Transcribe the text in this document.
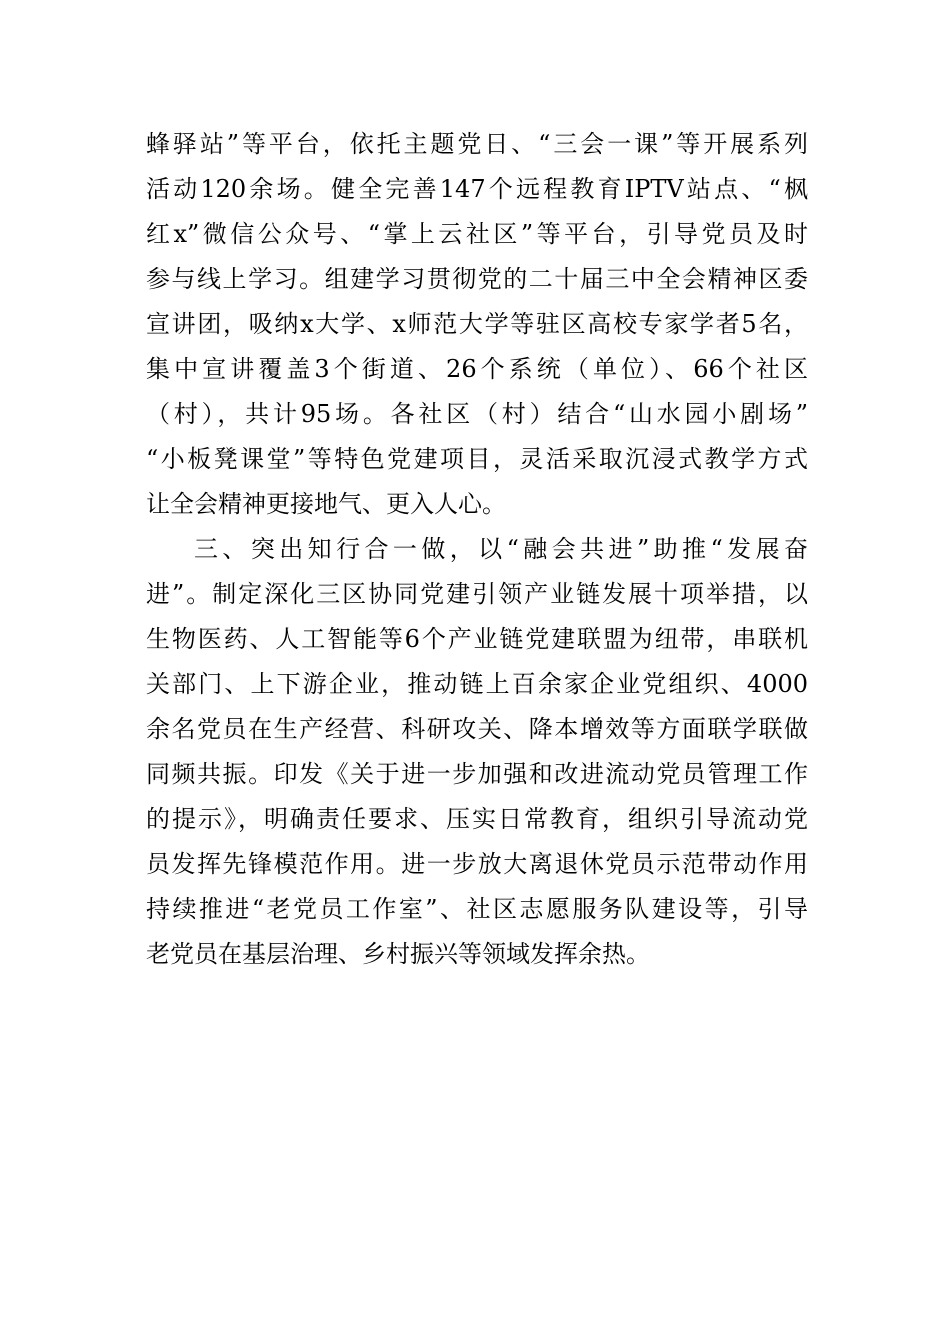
蜂驿站”等平台，依托主题党日、“三会一课”等开展系列
活动120余场。健全完善147个远程教育IPTV站点、“枫
红x”微信公众号、“掌上云社区”等平台，引导党员及时
参与线上学习。组建学习贯彻党的二十届三中全会精神区委
宣讲团，吸纳x大学、x师范大学等驻区高校专家学者5名，
集中宣讲覆盖3个街道、26个系统（单位）、66个社区
（村），共计95场。各社区（村）结合“山水园小剧场”
“小板凳课堂”等特色党建项目，灵活采取沉浸式教学方式
让全会精神更接地气、更入人心。
三、突出知行合一做，以“融会共进”助推“发展奋
进”。制定深化三区协同党建引领产业链发展十项举措，以
生物医药、人工智能等6个产业链党建联盟为纽带，串联机
关部门、上下游企业，推动链上百余家企业党组织、4000
余名党员在生产经营、科研攻关、降本增效等方面联学联做
同频共振。印发《关于进一步加强和改进流动党员管理工作
的提示》，明确责任要求、压实日常教育，组织引导流动党
员发挥先锋模范作用。进一步放大离退休党员示范带动作用
持续推进“老党员工作室”、社区志愿服务队建设等，引导
老党员在基层治理、乡村振兴等领域发挥余热。
